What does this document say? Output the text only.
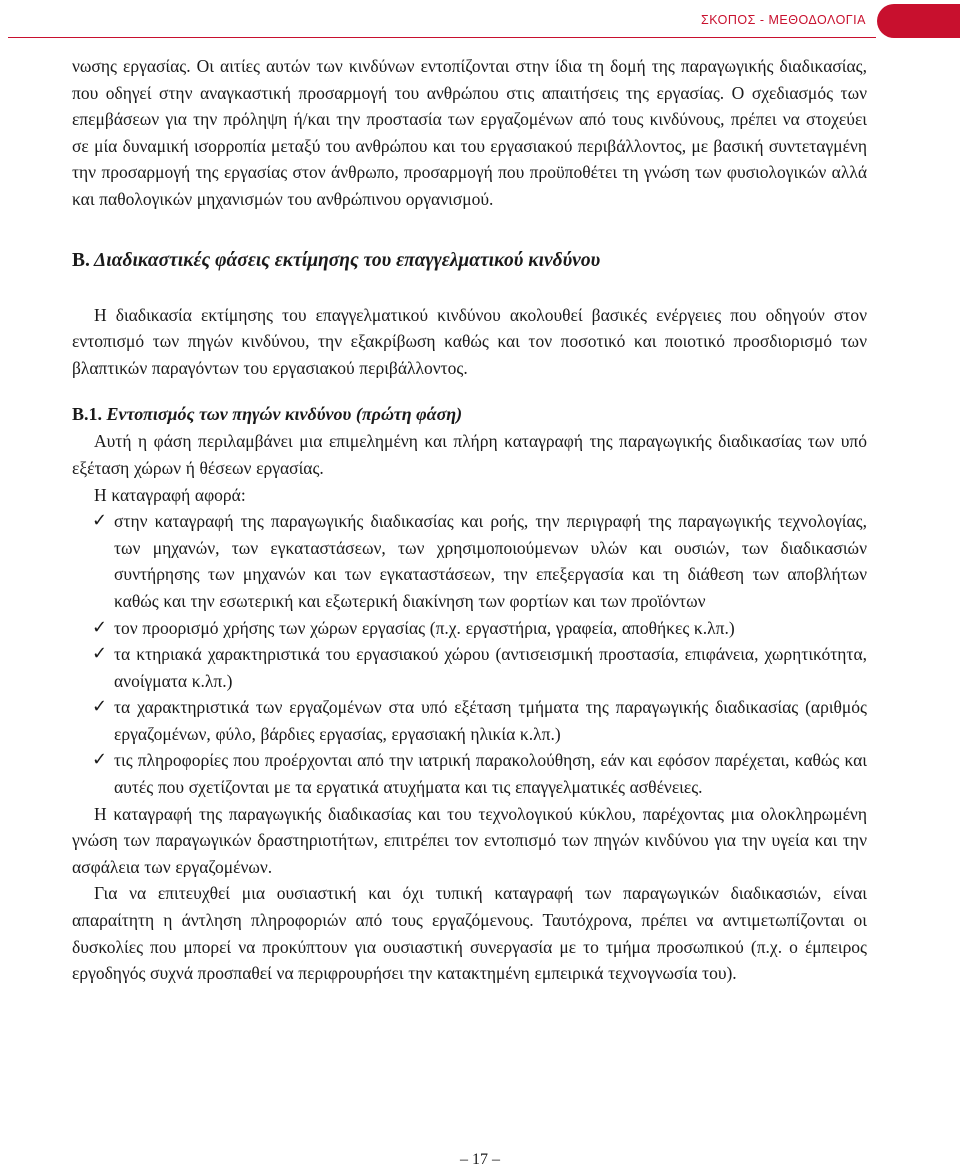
ΣΚΟΠΟΣ - ΜΕΘΟΔΟΛΟΓΙΑ

νωσης εργασίας. Οι αιτίες αυτών των κινδύνων εντοπίζονται στην ίδια τη δομή της παραγωγικής διαδικασίας, που οδηγεί στην αναγκαστική προσαρμογή του ανθρώπου στις απαιτήσεις της εργασίας. Ο σχεδιασμός των επεμβάσεων για την πρόληψη ή/και την προστασία των εργαζομένων από τους κινδύνους, πρέπει να στοχεύει σε μία δυναμική ισορροπία μεταξύ του ανθρώπου και του εργασιακού περιβάλλοντος, με βασική συντεταγμένη την προσαρμογή της εργασίας στον άνθρωπο, προσαρμογή που προϋποθέτει τη γνώση των φυσιολογικών αλλά και παθολογικών μηχανισμών του ανθρώπινου οργανισμού.

Β. Διαδικαστικές φάσεις εκτίμησης του επαγγελματικού κινδύνου

Η διαδικασία εκτίμησης του επαγγελματικού κινδύνου ακολουθεί βασικές ενέργειες που οδηγούν στον εντοπισμό των πηγών κινδύνου, την εξακρίβωση καθώς και τον ποσοτικό και ποιοτικό προσδιορισμό των βλαπτικών παραγόντων του εργασιακού περιβάλλοντος.

Β.1. Εντοπισμός των πηγών κινδύνου (πρώτη φάση)

Αυτή η φάση περιλαμβάνει μια επιμελημένη και πλήρη καταγραφή της παραγωγικής διαδικασίας των υπό εξέταση χώρων ή θέσεων εργασίας.

Η καταγραφή αφορά:

✓ στην καταγραφή της παραγωγικής διαδικασίας και ροής, την περιγραφή της παραγωγικής τεχνολογίας, των μηχανών, των εγκαταστάσεων, των χρησιμοποιούμενων υλών και ουσιών, των διαδικασιών συντήρησης των μηχανών και των εγκαταστάσεων, την επεξεργασία και τη διάθεση των αποβλήτων καθώς και την εσωτερική και εξωτερική διακίνηση των φορτίων και των προϊόντων

✓ τον προορισμό χρήσης των χώρων εργασίας (π.χ. εργαστήρια, γραφεία, αποθήκες κ.λπ.)

✓ τα κτηριακά χαρακτηριστικά του εργασιακού χώρου (αντισεισμική προστασία, επιφάνεια, χωρητικότητα, ανοίγματα κ.λπ.)

✓ τα χαρακτηριστικά των εργαζομένων στα υπό εξέταση τμήματα της παραγωγικής διαδικασίας (αριθμός εργαζομένων, φύλο, βάρδιες εργασίας, εργασιακή ηλικία κ.λπ.)

✓ τις πληροφορίες που προέρχονται από την ιατρική παρακολούθηση, εάν και εφόσον παρέχεται, καθώς και αυτές που σχετίζονται με τα εργατικά ατυχήματα και τις επαγγελματικές ασθένειες.

Η καταγραφή της παραγωγικής διαδικασίας και του τεχνολογικού κύκλου, παρέχοντας μια ολοκληρωμένη γνώση των παραγωγικών δραστηριοτήτων, επιτρέπει τον εντοπισμό των πηγών κινδύνου για την υγεία και την ασφάλεια των εργαζομένων.

Για να επιτευχθεί μια ουσιαστική και όχι τυπική καταγραφή των παραγωγικών διαδικασιών, είναι απαραίτητη η άντληση πληροφοριών από τους εργαζόμενους. Ταυτόχρονα, πρέπει να αντιμετωπίζονται οι δυσκολίες που μπορεί να προκύπτουν για ουσιαστική συνεργασία με το τμήμα προσωπικού (π.χ. ο έμπειρος εργοδηγός συχνά προσπαθεί να περιφρουρήσει την κατακτημένη εμπειρικά τεχνογνωσία του).

– 17 –
